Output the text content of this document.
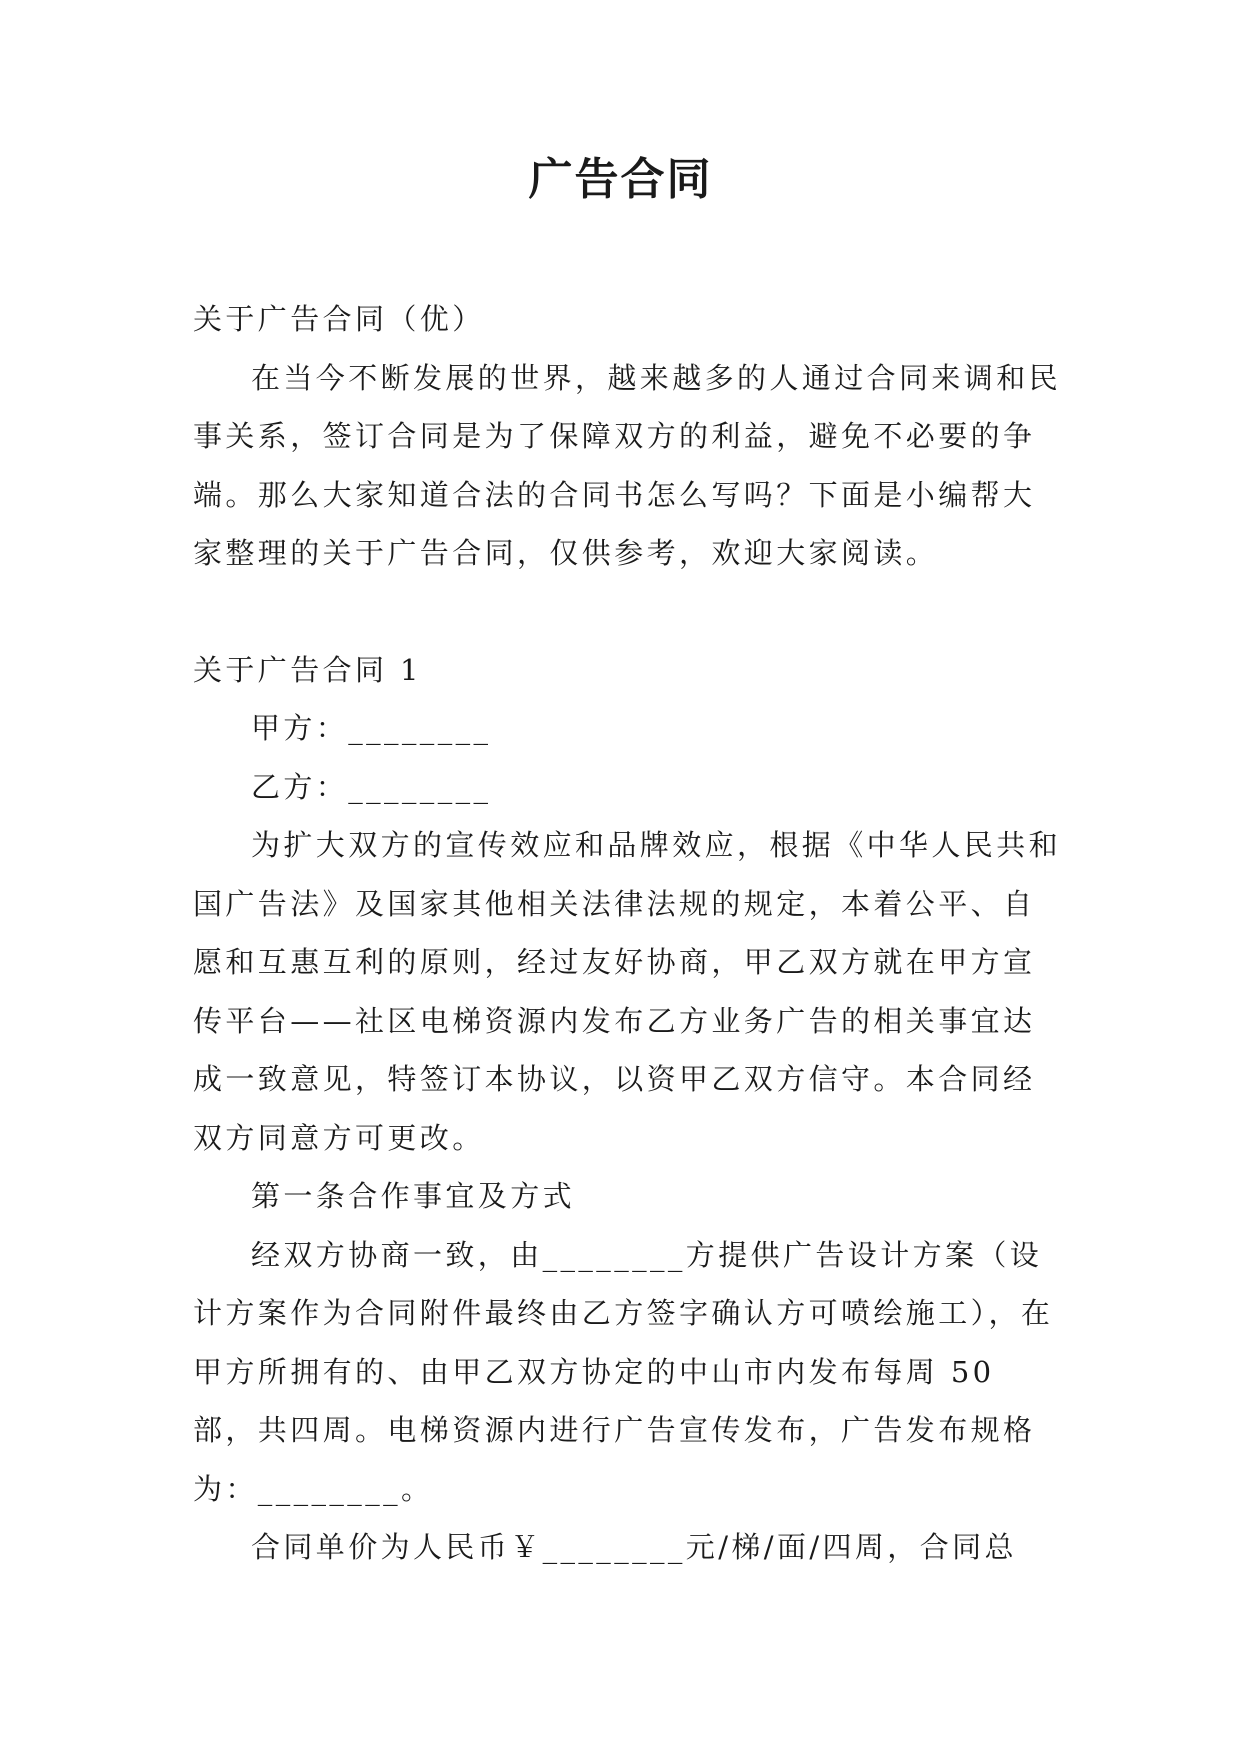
广告合同

关于广告合同（优）

在当今不断发展的世界，越来越多的人通过合同来调和民事关系，签订合同是为了保障双方的利益，避免不必要的争端。那么大家知道合法的合同书怎么写吗？下面是小编帮大家整理的关于广告合同，仅供参考，欢迎大家阅读。

关于广告合同 1

甲方：________

乙方：________

为扩大双方的宣传效应和品牌效应，根据《中华人民共和国广告法》及国家其他相关法律法规的规定，本着公平、自愿和互惠互利的原则，经过友好协商，甲乙双方就在甲方宣传平台——社区电梯资源内发布乙方业务广告的相关事宜达成一致意见，特签订本协议，以资甲乙双方信守。本合同经双方同意方可更改。

第一条合作事宜及方式

经双方协商一致，由________方提供广告设计方案（设计方案作为合同附件最终由乙方签字确认方可喷绘施工），在甲方所拥有的、由甲乙双方协定的中山市内发布每周 50 部，共四周。电梯资源内进行广告宣传发布，广告发布规格为：________。

合同单价为人民币￥________元/梯/面/四周，合同总
